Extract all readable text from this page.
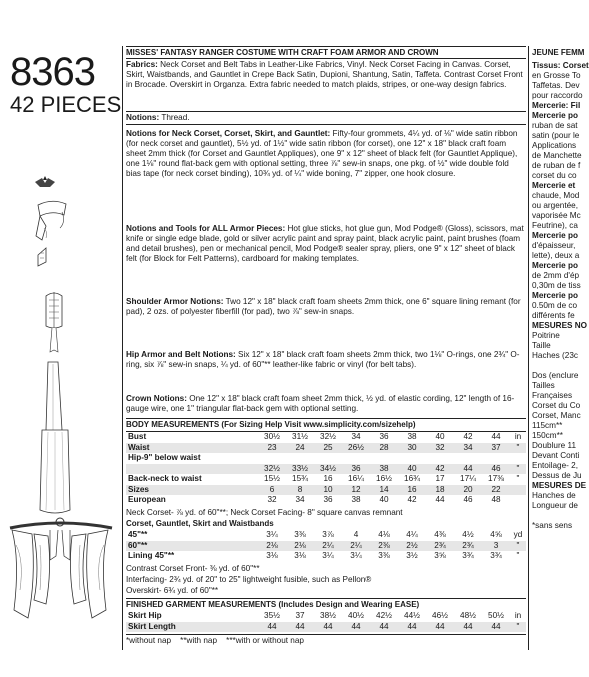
8363
42 PIECES
MISSES' FANTASY RANGER COSTUME WITH CRAFT FOAM ARMOR AND CROWN
Fabrics: Neck Corset and Belt Tabs in Leather-Like Fabrics, Vinyl. Neck Corset Facing in Canvas. Corset, Skirt, Waistbands, and Gauntlet in Crepe Back Satin, Dupioni, Shantung, Satin, Taffeta. Contrast Corset Front in Brocade. Overskirt in Organza. Extra fabric needed to match plaids, stripes, or one-way design fabrics.
Notions: Thread.
Notions for Neck Corset, Corset, Skirt, and Gauntlet: Fifty-four grommets, 4¼ yd. of ⅛" wide satin ribbon (for neck corset and gauntlet), 5½ yd. of 1½" wide satin ribbon (for corset), one 12" x 18" black craft foam sheet 2mm thick (for Corset and Gauntlet Appliques), one 9" x 12" sheet of black felt (for Gauntlet Applique), one 1⅛" round flat-back gem with optional setting, three ⅞" sew-in snaps, one pkg. of ½" wide double fold bias tape (for neck corset binding), 10¾ yd. of ¼" wide boning, 7" zipper, one hook closure.
Notions and Tools for ALL Armor Pieces: Hot glue sticks, hot glue gun, Mod Podge® (Gloss), scissors, mat knife or single edge blade, gold or silver acrylic paint and spray paint, black acrylic paint, paint brushes (foam and detail brushes), pen or mechanical pencil, Mod Podge® sealer spray, pliers, one 9" x 12" sheet of black felt (for Block for Felt Patterns), cardboard for making templates.
Shoulder Armor Notions: Two 12" x 18" black craft foam sheets 2mm thick, one 6" square lining remant (for pad), 2 ozs. of polyester fiberfill (for pad), two ⅞" sew-in snaps.
Hip Armor and Belt Notions: Six 12" x 18" black craft foam sheets 2mm thick, two 1⅛" O-rings, one 2¾" O-ring, six ⅞" sew-in snaps, ¼ yd. of 60"** leather-like fabric or vinyl (for belt tabs).
Crown Notions: One 12" x 18" black craft foam sheet 2mm thick, ½ yd. of elastic cording, 12" length of 16-gauge wire, one 1" triangular flat-back gem with optional setting.
BODY MEASUREMENTS (For Sizing Help Visit www.simplicity.com/sizehelp)
Bust	30½	31½	32½	34	36	38	40	42	44	in
Waist	23	24	25	26½	28	30	32	34	37	"
Hip-9" below waist
32½	33½	34½	36	38	40	42	44	46	"
Back-neck to waist	15½	15¾	16	16¼	16½	16¾	17	17¼	17⅜	"
Sizes	6	8	10	12	14	16	18	20	22
European	32	34	36	38	40	42	44	46	48
Neck Corset- ⅞ yd. of 60"**; Neck Corset Facing- 8" square canvas remnant
Corset, Gauntlet, Skirt and Waistbands
45"**	3¼	3⅜	3⅞	4	4⅛	4¼	4⅜	4½	4⅝	yd
60"**	2⅛	2⅛	2¼	2¼	2⅜	2½	2¾	2¾	3	"
Lining 45"**	3⅛	3⅛	3¼	3¼	3⅜	3½	3⅝	3¾	3¾	"
Contrast Corset Front- ⅜ yd. of 60"**
Interfacing- 2¾ yd. of 20" to 25" lightweight fusible, such as Pellon®
Overskirt- 6¾ yd. of 60"**
FINISHED GARMENT MEASUREMENTS (Includes Design and Wearing EASE)
Skirt Hip	35½	37	38½	40½	42½	44½	46½	48½	50½	in
Skirt Length	44	44	44	44	44	44	44	44	44	"
*without nap    **with nap    ***with or without nap
JEUNE FEMM
Tissus: Corset
en Grosse To
Taffetas. Dev
pour raccordo
Mercerie: Fil
Mercerie po
ruban de sat
satin (pour le
Applications
de Manchette
de ruban de f
corset du co
Mercerie et
chaude, Mod
ou argentée,
vaporisée Mc
Feutrine), ca
Mercerie po
d'épaisseur,
lette), deux a
Mercerie po
de 2mm d'ép
0,30m de tiss
Mercerie po
0.50m de co
différents fe
MESURES NO
Poitrine
Taille
Haches (23c

Dos (enclure
Tailles
Françaises
Corset du Co
Corset, Manc
115cm**
150cm**
Doublure 11
Devant Conti
Entoilage- 2,
Dessus de Ju
MESURES DE
Hanches de
Longueur de

*sans sens
